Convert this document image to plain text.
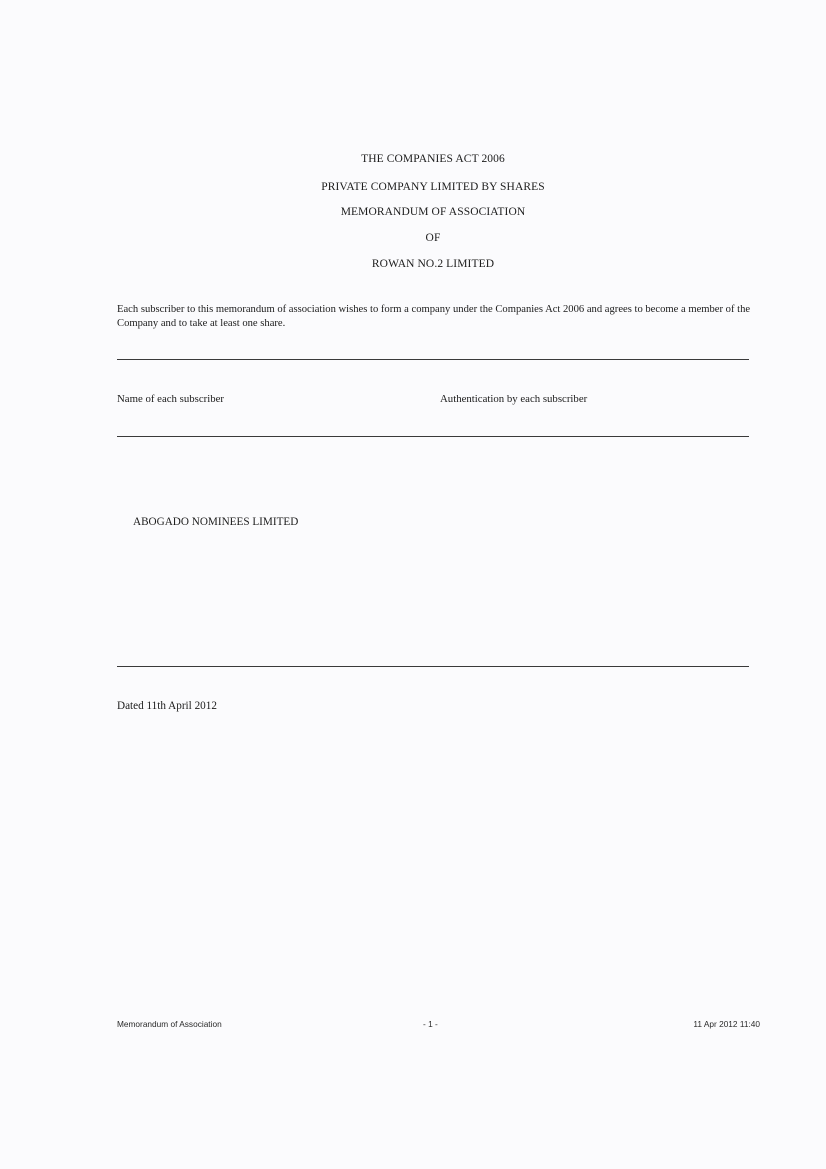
THE COMPANIES ACT 2006
PRIVATE COMPANY LIMITED BY SHARES
MEMORANDUM OF ASSOCIATION
OF
ROWAN NO.2 LIMITED
Each subscriber to this memorandum of association wishes to form a company under the Companies Act 2006 and agrees to become a member of the Company and to take at least one share.
Name of each subscriber	Authentication by each subscriber
ABOGADO NOMINEES LIMITED
Dated 11th April 2012
Memorandum of Association	- 1 -	11 Apr 2012 11:40
